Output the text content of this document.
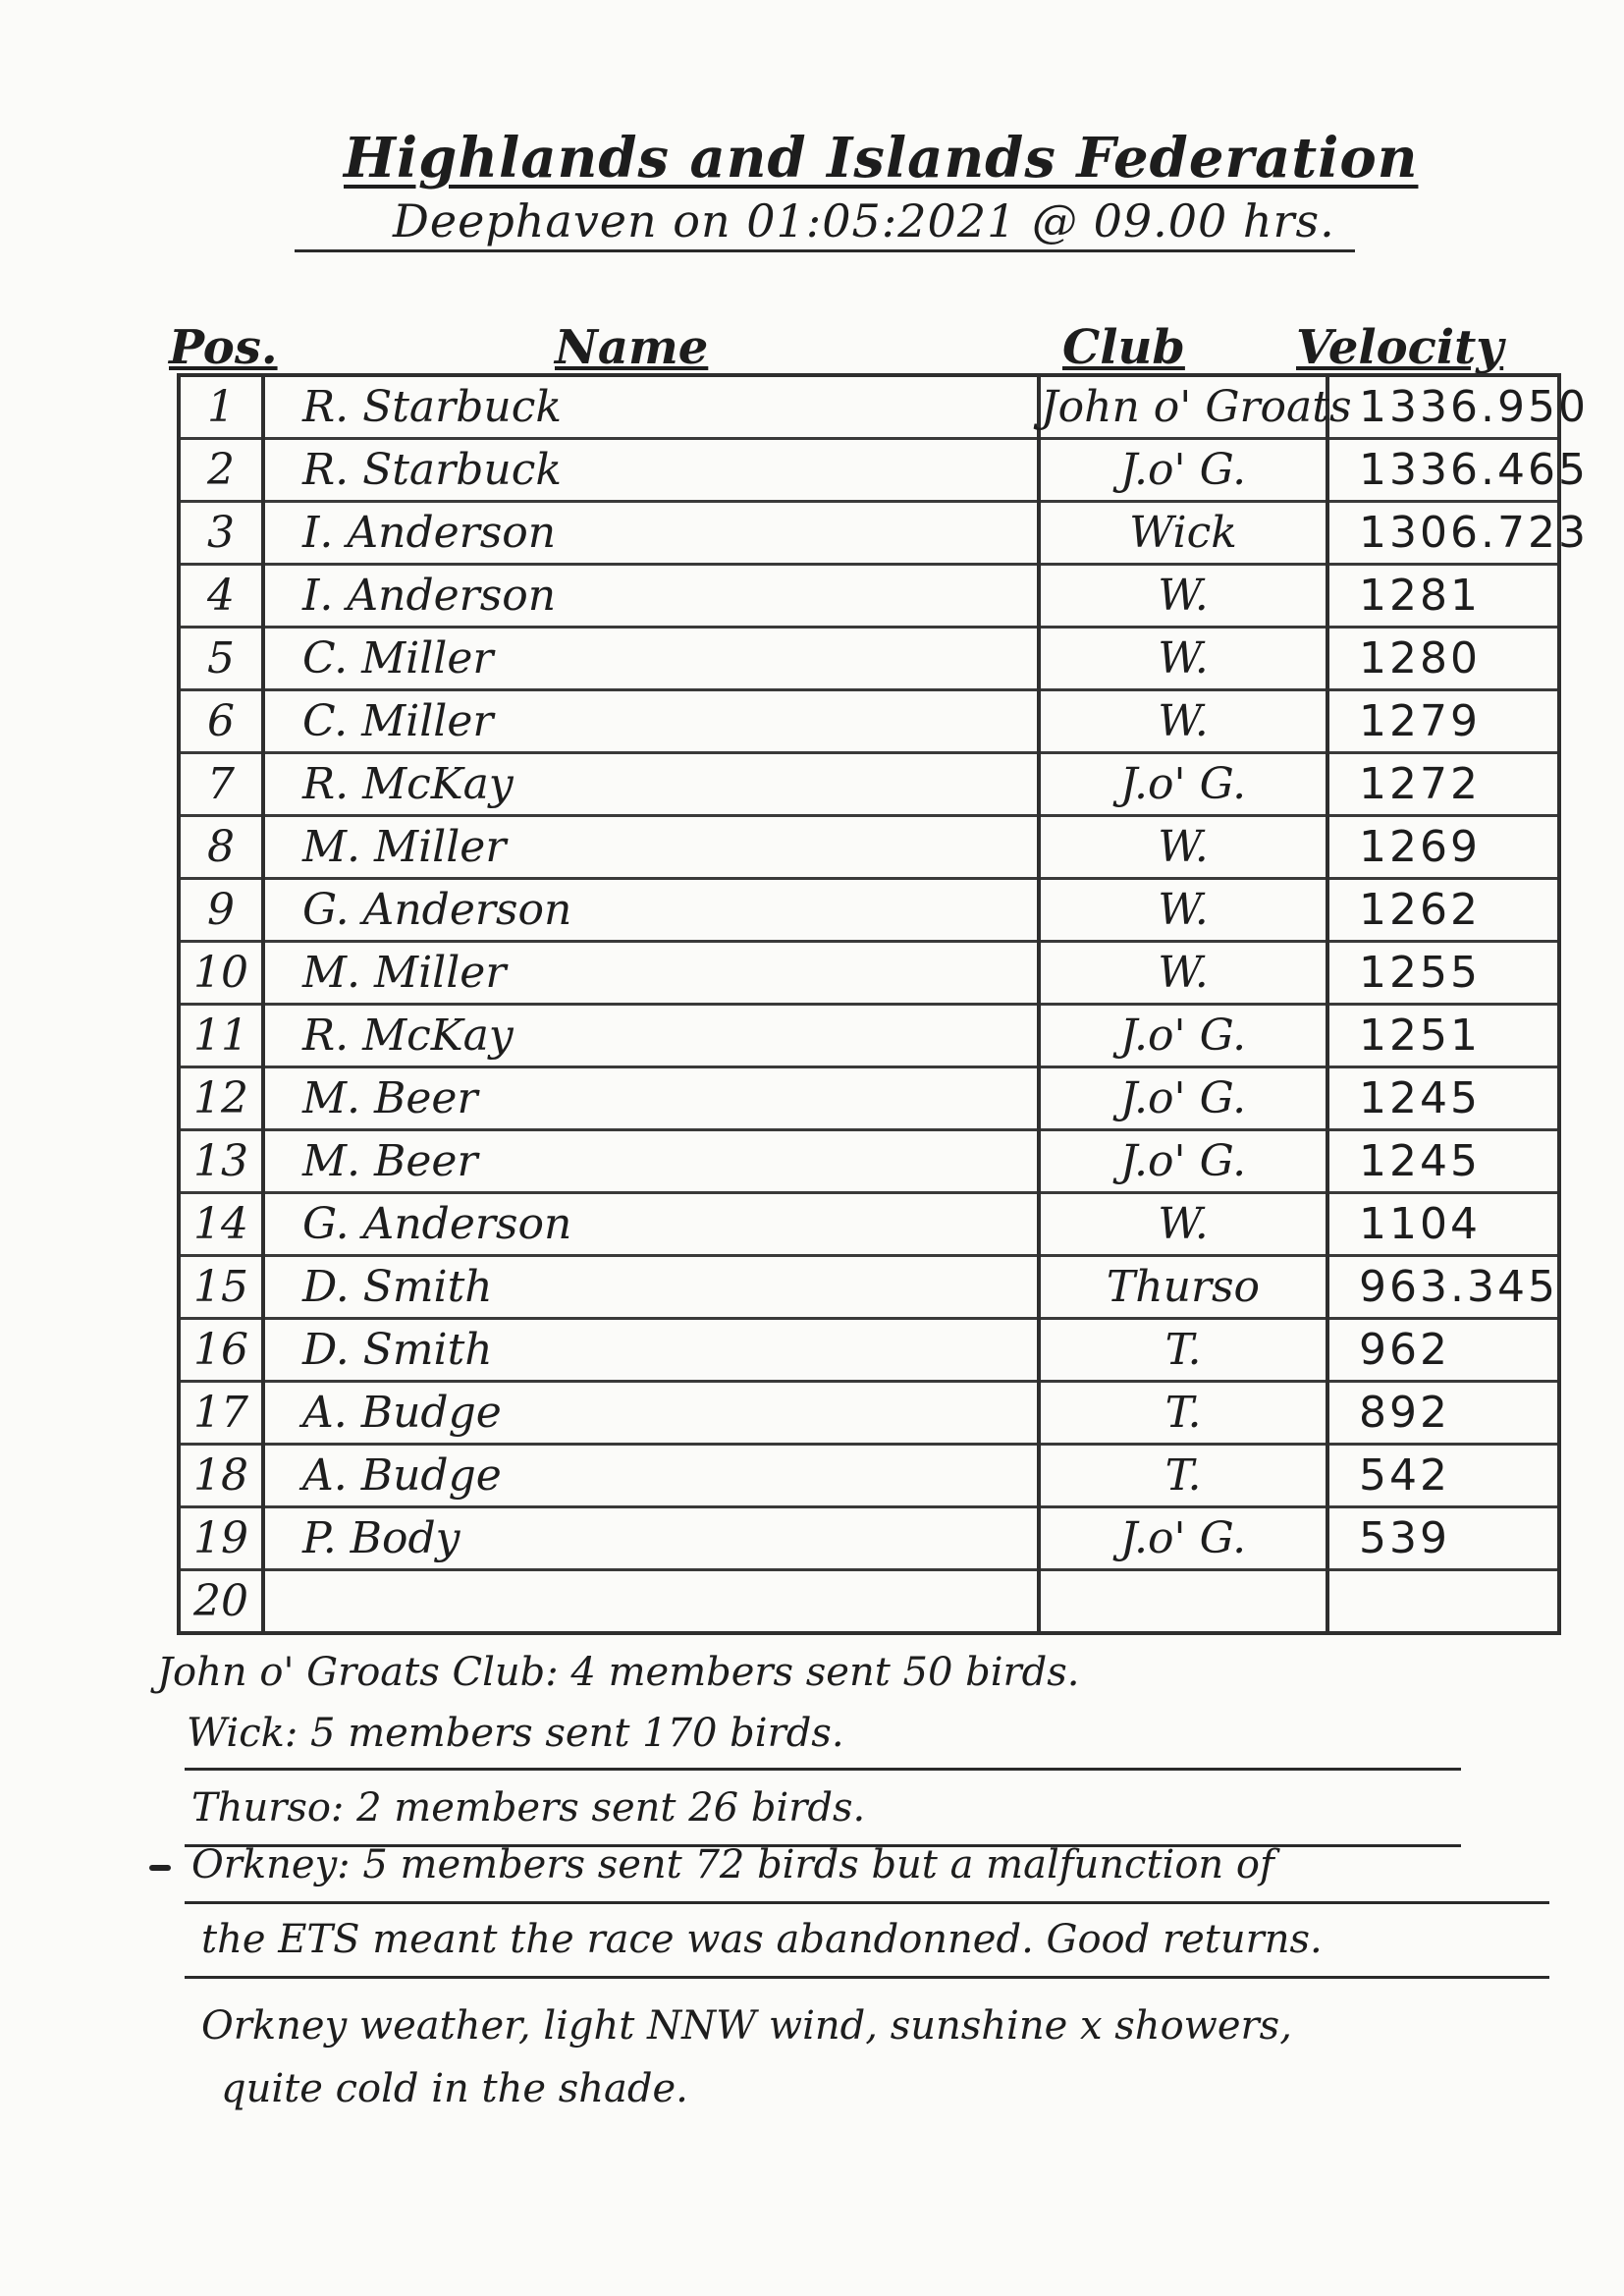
Highlands and Islands Federation
Deephaven on 01:05:2021 @ 09.00 hrs.
Pos.	Name	Club Velocity
1	R. Starbuck	John o' Groats	1336.950
2	R. Starbuck	J.o' G.	1336.465
3	I. Anderson	Wick	1306.723
4	I. Anderson	W.	1281
5	C. Miller	W.	1280
6	C. Miller	W.	1279
7	R. McKay	J.o' G.	1272
8	M. Miller	W.	1269
9	G. Anderson	W.	1262
10	M. Miller	W.	1255
11	R. McKay	J.o' G.	1251
12	M. Beer	J.o' G.	1245
13	M. Beer	J.o' G.	1245
14	G. Anderson	W.	1104
15	D. Smith	Thurso	963.345
16	D. Smith	T.	962
17	A. Budge	T.	892
18	A. Budge	T.	542
19	P. Body	J.o' G.	539
20			
John o' Groats Club: 4 members sent 50 birds.
Wick: 5 members sent 170 birds.
Thurso: 2 members sent 26 birds.
Orkney: 5 members sent 72 birds but a malfunction of
the ETS meant the race was abandonned. Good returns.
Orkney weather, light NNW wind, sunshine x showers,
quite cold in the shade.
